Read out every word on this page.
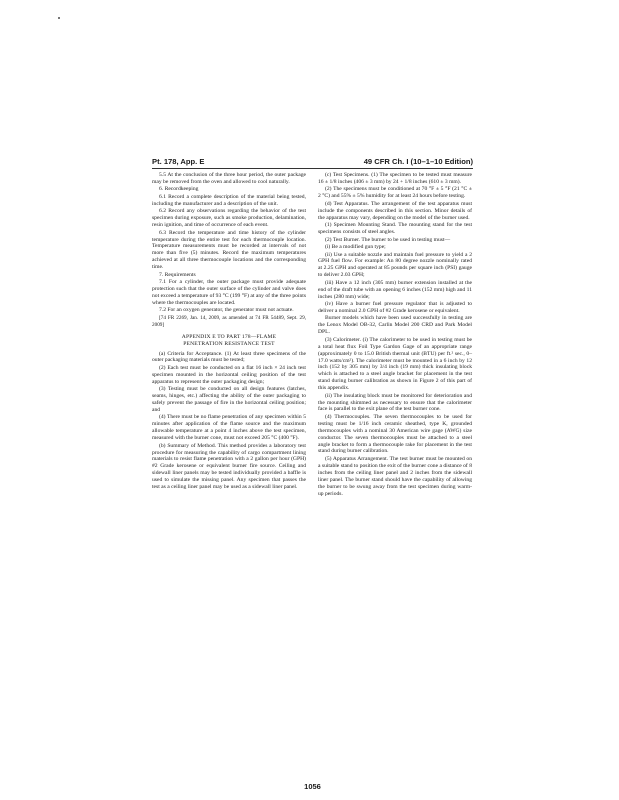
Pt. 178, App. E	49 CFR Ch. I (10–1–10 Edition)

5.5 At the conclusion of the three hour period, the outer package may be removed from the oven and allowed to cool naturally.

6. Recordkeeping

6.1 Record a complete description of the material being tested, including the manufacturer and a description of the unit.

6.2 Record any observations regarding the behavior of the test specimen during exposure, such as smoke production, delamination, resin ignition, and time of occurrence of each event.

6.3 Record the temperature and time history of the cylinder temperature during the entire test for each thermocouple location. Temperature measurements must be recorded at intervals of not more than five (5) minutes. Record the maximum temperatures achieved at all three thermocouple locations and the corresponding time.

7. Requirements

7.1 For a cylinder, the outer package must provide adequate protection such that the outer surface of the cylinder and valve does not exceed a temperature of 93 °C (199 °F) at any of the three points where the thermocouples are located.

7.2 For an oxygen generator, the generator must not actuate.

[74 FR 2269, Jan. 14, 2009, as amended at 74 FR 54489, Sept. 29, 2009]

APPENDIX E TO PART 178—FLAME
PENETRATION RESISTANCE TEST

(a) Criteria for Acceptance. (1) At least three specimens of the outer packaging materials must be tested;

(2) Each test must be conducted on a flat 16 inch × 24 inch test specimen mounted in the horizontal ceiling position of the test apparatus to represent the outer packaging design;

(3) Testing must be conducted on all design features (latches, seams, hinges, etc.) affecting the ability of the outer packaging to safely prevent the passage of fire in the horizontal ceiling position; and

(4) There must be no flame penetration of any specimen within 5 minutes after application of the flame source and the maximum allowable temperature at a point 4 inches above the test specimen, measured with the burner cone, must not exceed 205 °C (400 °F).

(b) Summary of Method. This method provides a laboratory test procedure for measuring the capability of cargo compartment lining materials to resist flame penetration with a 2 gallon per hour (GPH) #2 Grade kerosene or equivalent burner fire source. Ceiling and sidewall liner panels may be tested individually provided a baffle is used to simulate the missing panel. Any specimen that passes the test as a ceiling liner panel may be used as a sidewall liner panel.

(c) Test Specimens. (1) The specimen to be tested must measure 16 ± 1/8 inches (406 ± 3 mm) by 24 + 1/8 inches (610 ± 3 mm).

(2) The specimens must be conditioned at 70 °F ± 5 °F (21 °C ± 2 °C) and 55% ± 5% humidity for at least 24 hours before testing.

(d) Test Apparatus. The arrangement of the test apparatus must include the components described in this section. Minor details of the apparatus may vary, depending on the model of the burner used.

(1) Specimen Mounting Stand. The mounting stand for the test specimens consists of steel angles.

(2) Test Burner. The burner to be used in testing must—

(i) Be a modified gun type;

(ii) Use a suitable nozzle and maintain fuel pressure to yield a 2 GPH fuel flow. For example: An 80 degree nozzle nominally rated at 2.25 GPH and operated at 85 pounds per square inch (PSI) gauge to deliver 2.03 GPH;

(iii) Have a 12 inch (305 mm) burner extension installed at the end of the draft tube with an opening 6 inches (152 mm) high and 11 inches (280 mm) wide;

(iv) Have a burner fuel pressure regulator that is adjusted to deliver a nominal 2.0 GPH of #2 Grade kerosene or equivalent.

Burner models which have been used successfully in testing are the Lenox Model OB-32, Carlin Model 200 CRD and Park Model DPL.

(3) Calorimeter. (i) The calorimeter to be used in testing must be a total heat flux Foil Type Gardon Gage of an appropriate range (approximately 0 to 15.0 British thermal unit (BTU) per ft.² sec., 0–17.0 watts/cm²). The calorimeter must be mounted in a 6 inch by 12 inch (152 by 305 mm) by 3/4 inch (19 mm) thick insulating block which is attached to a steel angle bracket for placement in the test stand during burner calibration as shown in Figure 2 of this part of this appendix.

(ii) The insulating block must be monitored for deterioration and the mounting shimmed as necessary to ensure that the calorimeter face is parallel to the exit plane of the test burner cone.

(4) Thermocouples. The seven thermocouples to be used for testing must be 1/16 inch ceramic sheathed, type K, grounded thermocouples with a nominal 30 American wire gage (AWG) size conductor. The seven thermocouples must be attached to a steel angle bracket to form a thermocouple rake for placement in the test stand during burner calibration.

(5) Apparatus Arrangement. The test burner must be mounted on a suitable stand to position the exit of the burner cone a distance of 8 inches from the ceiling liner panel and 2 inches from the sidewall liner panel. The burner stand should have the capability of allowing the burner to be swung away from the test specimen during warm-up periods.

1056
